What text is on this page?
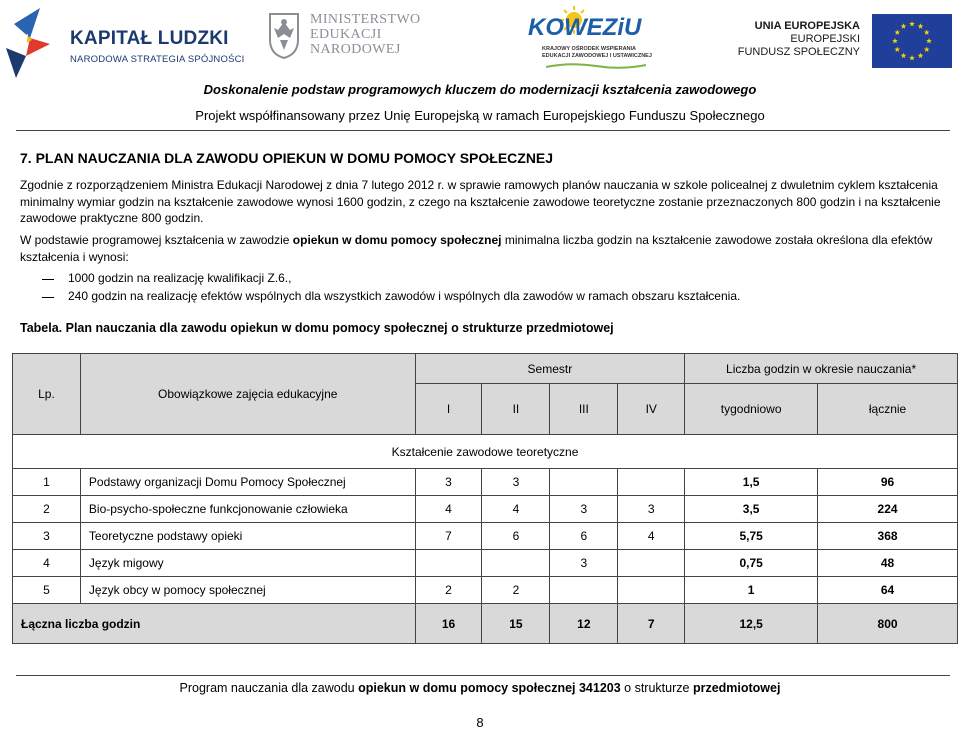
KAPITAŁ LUDZKI
NARODOWA STRATEGIA SPÓJNOŚCI
MINISTERSTWO
EDUKACJI
NARODOWEJ
KOWEZiU
KRAJOWY OŚRODEK WSPIERANIA
EDUKACJI ZAWODOWEJ I USTAWICZNEJ
UNIA EUROPEJSKA
EUROPEJSKI
FUNDUSZ SPOŁECZNY
Doskonalenie podstaw programowych kluczem do modernizacji kształcenia zawodowego
Projekt współfinansowany przez Unię Europejską w ramach Europejskiego Funduszu Społecznego
7. PLAN NAUCZANIA DLA ZAWODU OPIEKUN W DOMU POMOCY SPOŁECZNEJ
Zgodnie z rozporządzeniem Ministra Edukacji Narodowej z dnia 7 lutego 2012 r. w sprawie ramowych planów nauczania w szkole policealnej z dwuletnim cyklem kształcenia minimalny wymiar godzin na kształcenie zawodowe wynosi 1600 godzin, z czego na kształcenie zawodowe teoretyczne zostanie przeznaczonych 800 godzin i na kształcenie zawodowe praktyczne 800 godzin.
W podstawie programowej kształcenia w zawodzie opiekun w domu pomocy społecznej minimalna liczba godzin na kształcenie zawodowe została określona dla efektów kształcenia i wynosi:
1000 godzin na realizację kwalifikacji Z.6.,
240 godzin na realizację efektów wspólnych dla wszystkich zawodów i wspólnych dla zawodów w ramach obszaru kształcenia.
Tabela. Plan nauczania dla zawodu opiekun w domu pomocy społecznej o strukturze przedmiotowej
Lp.	Obowiązkowe zajęcia edukacyjne	Semestr				Liczba godzin w okresie nauczania*	
		I	II	III	IV	tygodniowo	łącznie
Kształcenie zawodowe teoretyczne							
1	Podstawy organizacji Domu Pomocy Społecznej	3	3			1,5	96
2	Bio-psycho-społeczne funkcjonowanie człowieka	4	4	3	3	3,5	224
3	Teoretyczne podstawy opieki	7	6	6	4	5,75	368
4	Język migowy			3		0,75	48
5	Język obcy w pomocy społecznej	2	2			1	64
Łączna liczba godzin		16	15	12	7	12,5	800
Program nauczania dla zawodu opiekun w domu pomocy społecznej 341203 o strukturze przedmiotowej
8
